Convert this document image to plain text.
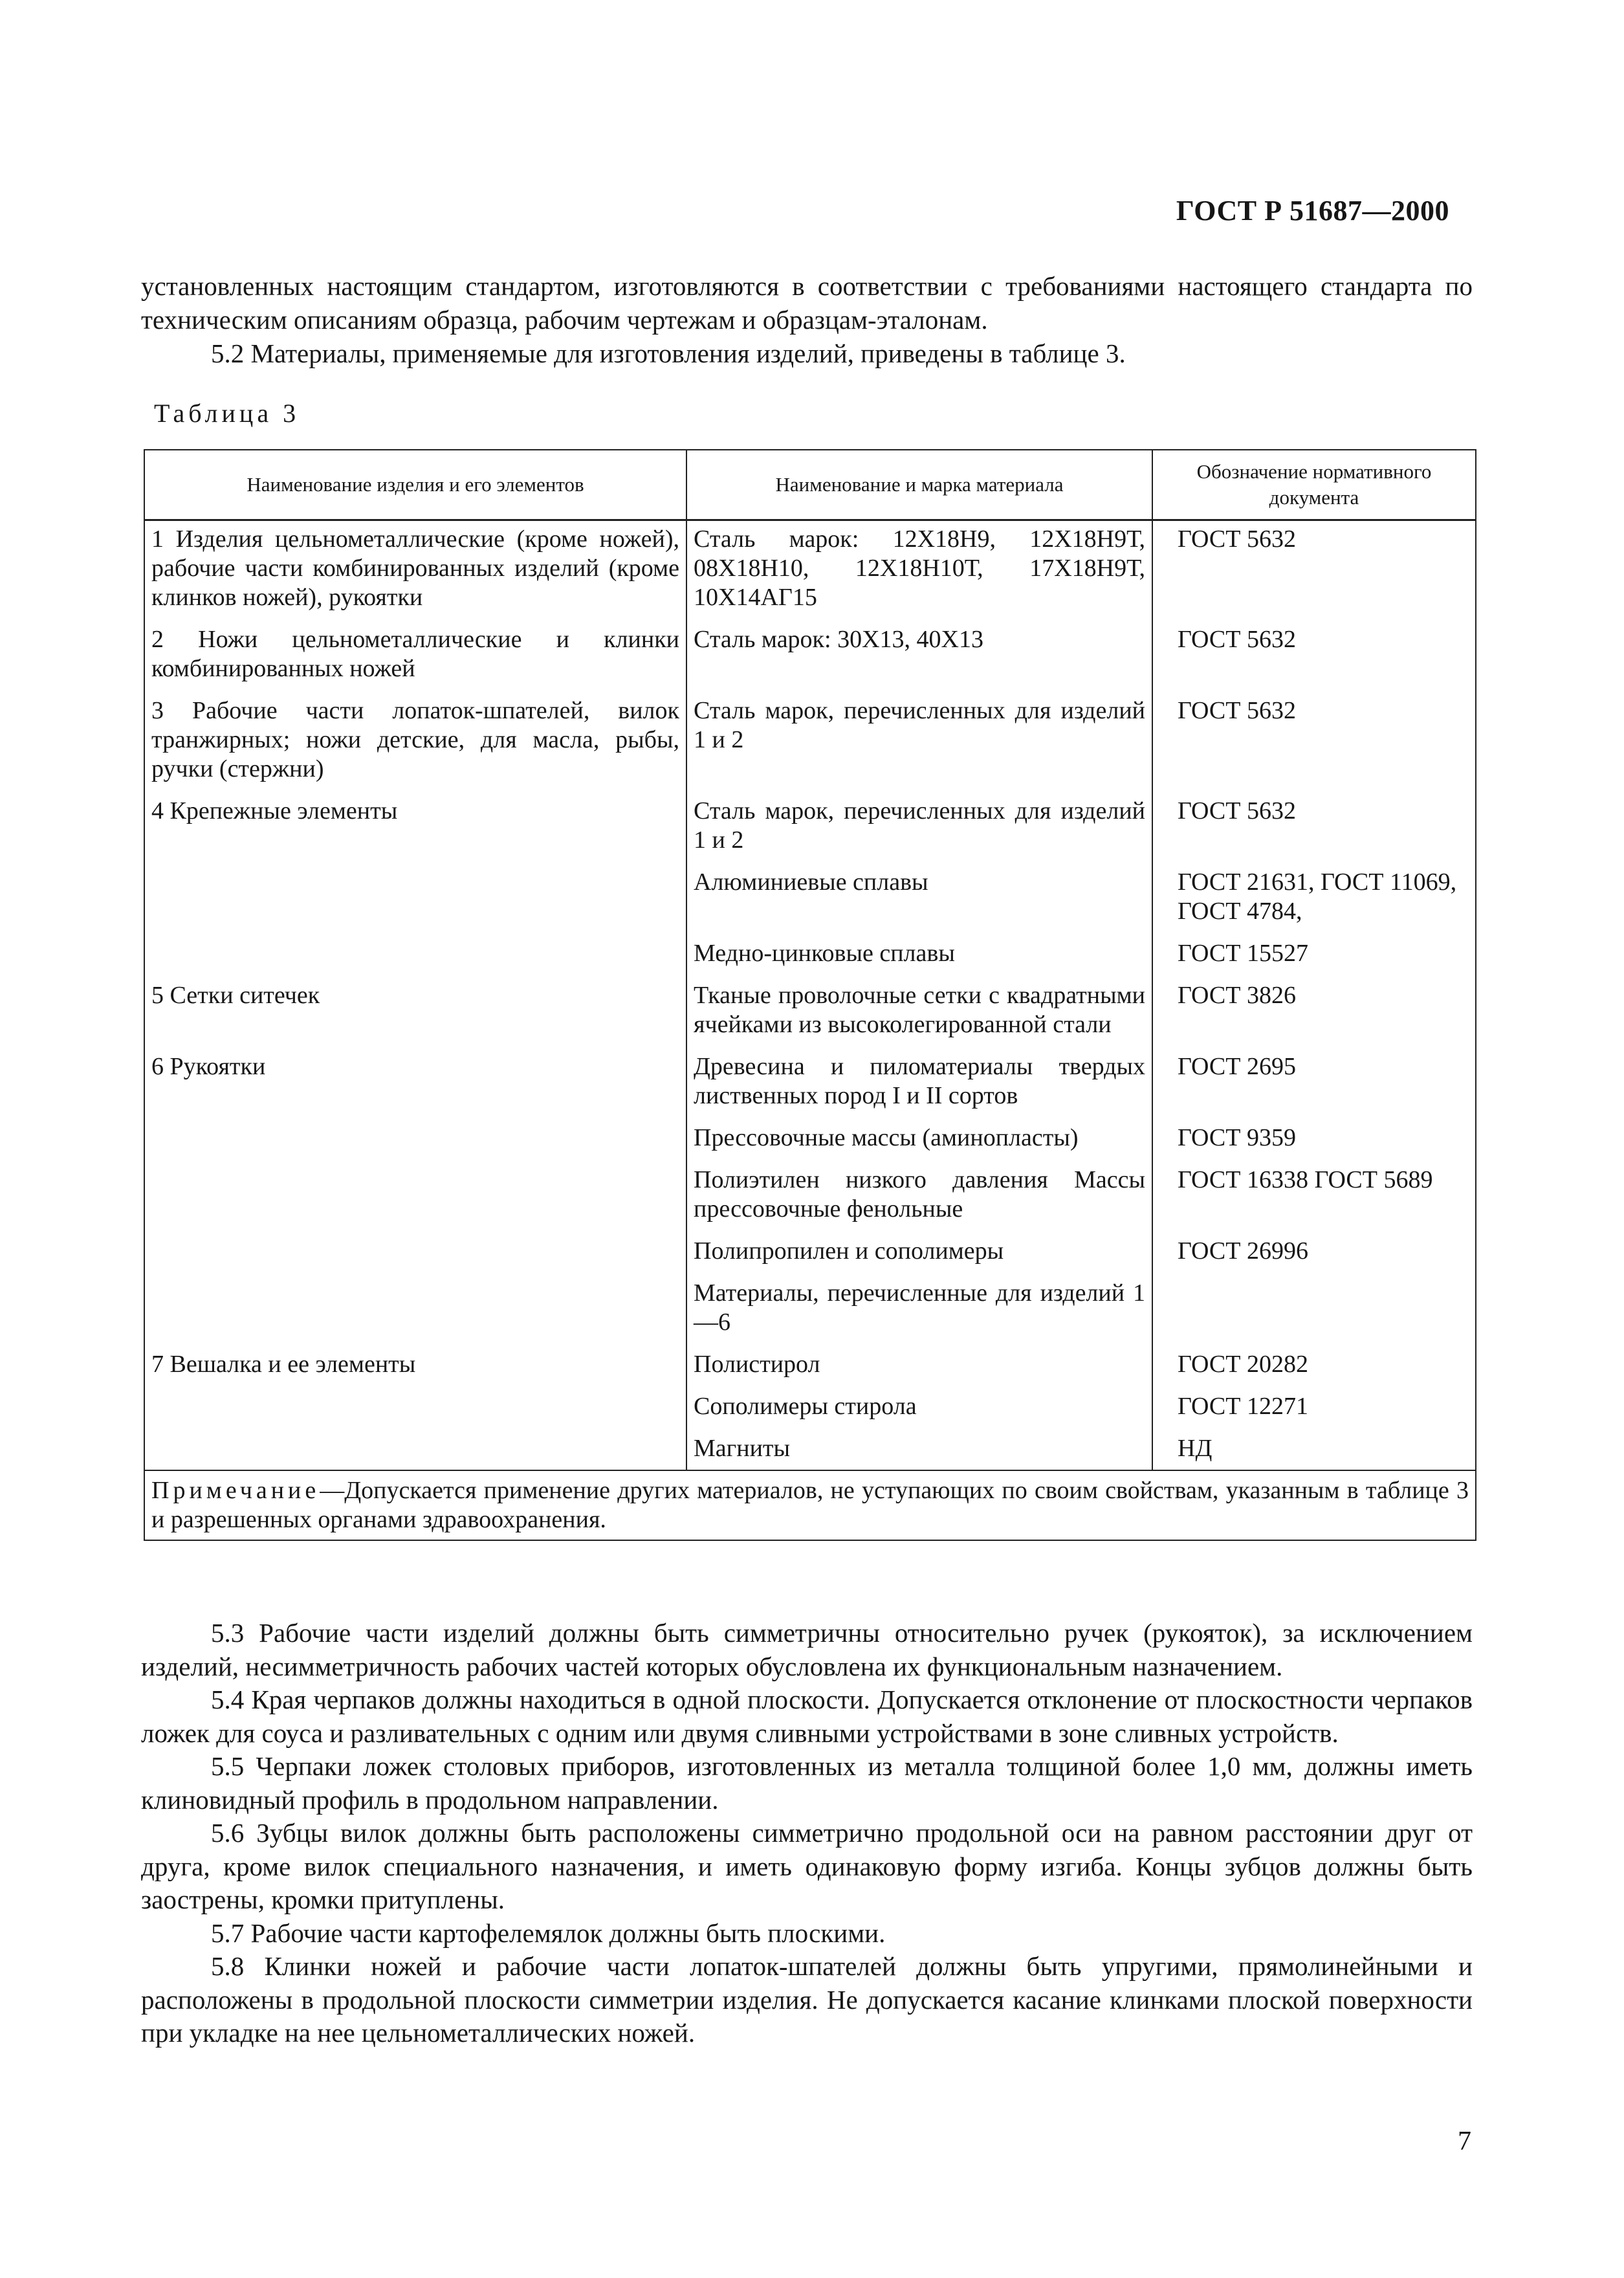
ГОСТ Р 51687—2000

установленных настоящим стандартом, изготовляются в соответствии с требованиями настоящего стандарта по техническим описаниям образца, рабочим чертежам и образцам-эталонам.

5.2 Материалы, применяемые для изготовления изделий, приведены в таблице 3.

Таблица 3
Наименование изделия и его элементов	Наименование и марка материала	Обозначение нормативного документа
1 Изделия цельнометаллические (кроме ножей), рабочие части комбинированных изделий (кроме клинков ножей), рукоятки	Сталь марок: 12Х18Н9, 12Х18Н9Т, 08Х18Н10, 12Х18Н10Т, 17Х18Н9Т, 10Х14АГ15	ГОСТ 5632
2 Ножи цельнометаллические и клинки комбинированных ножей	Сталь марок: 30Х13, 40Х13	ГОСТ 5632
3 Рабочие части лопаток-шпателей, вилок транжирных; ножи детские, для масла, рыбы, ручки (стержни)	Сталь марок, перечисленных для изделий 1 и 2	ГОСТ 5632
4 Крепежные элементы	Сталь марок, перечисленных для изделий 1 и 2	ГОСТ 5632
	Алюминиевые сплавы	ГОСТ 21631, ГОСТ 11069, ГОСТ 4784,
	Медно-цинковые сплавы	ГОСТ 15527
5 Сетки ситечек	Тканые проволочные сетки с квадратными ячейками из высоколегированной стали	ГОСТ 3826
6 Рукоятки	Древесина и пиломатериалы твердых лиственных пород I и II сортов	ГОСТ 2695
	Прессовочные массы (аминопласты)	ГОСТ 9359
	Полиэтилен низкого давления Массы прессовочные фенольные	ГОСТ 16338 ГОСТ 5689
	Полипропилен и сополимеры	ГОСТ 26996
	Материалы, перечисленные для изделий 1—6	
7 Вешалка и ее элементы	Полистирол	ГОСТ 20282
	Сополимеры стирола	ГОСТ 12271
	Магниты	НД
Примечание—Допускается применение других материалов, не уступающих по своим свойствам, указанным в таблице 3 и разрешенных органами здравоохранения.		

5.3 Рабочие части изделий должны быть симметричны относительно ручек (рукояток), за исключением изделий, несимметричность рабочих частей которых обусловлена их функциональным назначением.

5.4 Края черпаков должны находиться в одной плоскости. Допускается отклонение от плоскостности черпаков ложек для соуса и разливательных с одним или двумя сливными устройствами в зоне сливных устройств.

5.5 Черпаки ложек столовых приборов, изготовленных из металла толщиной более 1,0 мм, должны иметь клиновидный профиль в продольном направлении.

5.6 Зубцы вилок должны быть расположены симметрично продольной оси на равном расстоянии друг от друга, кроме вилок специального назначения, и иметь одинаковую форму изгиба. Концы зубцов должны быть заострены, кромки притуплены.

5.7 Рабочие части картофелемялок должны быть плоскими.

5.8 Клинки ножей и рабочие части лопаток-шпателей должны быть упругими, прямолинейными и расположены в продольной плоскости симметрии изделия. Не допускается касание клинками плоской поверхности при укладке на нее цельнометаллических ножей.

7
